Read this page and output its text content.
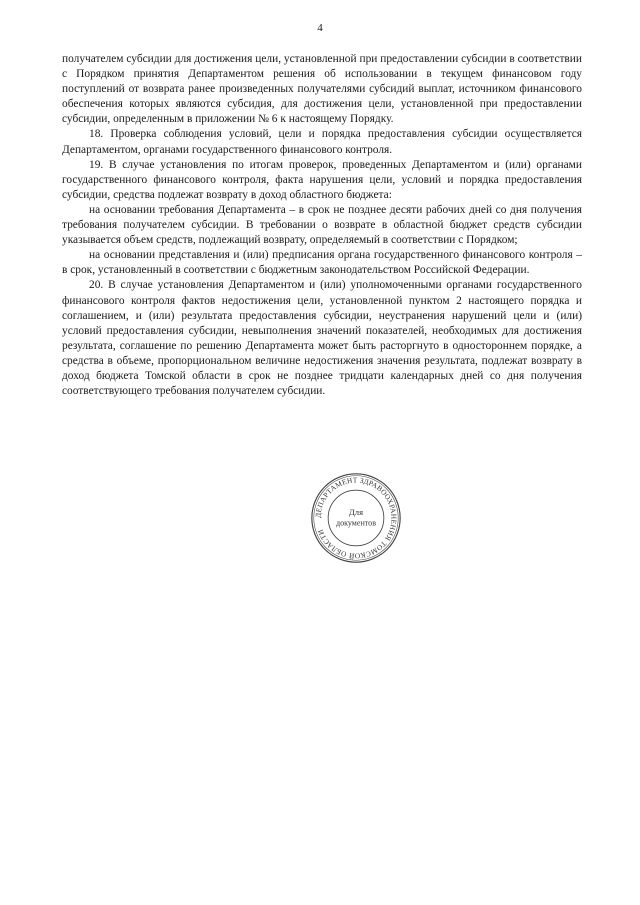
4

получателем субсидии для достижения цели, установленной при предоставлении субсидии в соответствии с Порядком принятия Департаментом решения об использовании в текущем финансовом году поступлений от возврата ранее произведенных получателями субсидий выплат, источником финансового обеспечения которых являются субсидия, для достижения цели, установленной при предоставлении субсидии, определенным в приложении № 6 к настоящему Порядку.

18. Проверка соблюдения условий, цели и порядка предоставления субсидии осуществляется Департаментом, органами государственного финансового контроля.

19. В случае установления по итогам проверок, проведенных Департаментом и (или) органами государственного финансового контроля, факта нарушения цели, условий и порядка предоставления субсидии, средства подлежат возврату в доход областного бюджета:

на основании требования Департамента – в срок не позднее десяти рабочих дней со дня получения требования получателем субсидии. В требовании о возврате в областной бюджет средств субсидии указывается объем средств, подлежащий возврату, определяемый в соответствии с Порядком;

на основании представления и (или) предписания органа государственного финансового контроля – в срок, установленный в соответствии с бюджетным законодательством Российской Федерации.

20. В случае установления Департаментом и (или) уполномоченными органами государственного финансового контроля фактов недостижения цели, установленной пунктом 2 настоящего порядка и соглашением, и (или) результата предоставления субсидии, неустранения нарушений цели и (или) условий предоставления субсидии, невыполнения значений показателей, необходимых для достижения результата, соглашение по решению Департамента может быть расторгнуто в одностороннем порядке, а средства в объеме, пропорциональном величине недостижения значения результата, подлежат возврату в доход бюджета Томской области в срок не позднее тридцати календарных дней со дня получения соответствующего требования получателем субсидии.

ДЕПАРТАМЕНТ ЗДРАВООХРАНЕНИЯ ТОМСКОЙ ОБЛАСТИ
Для
документов
